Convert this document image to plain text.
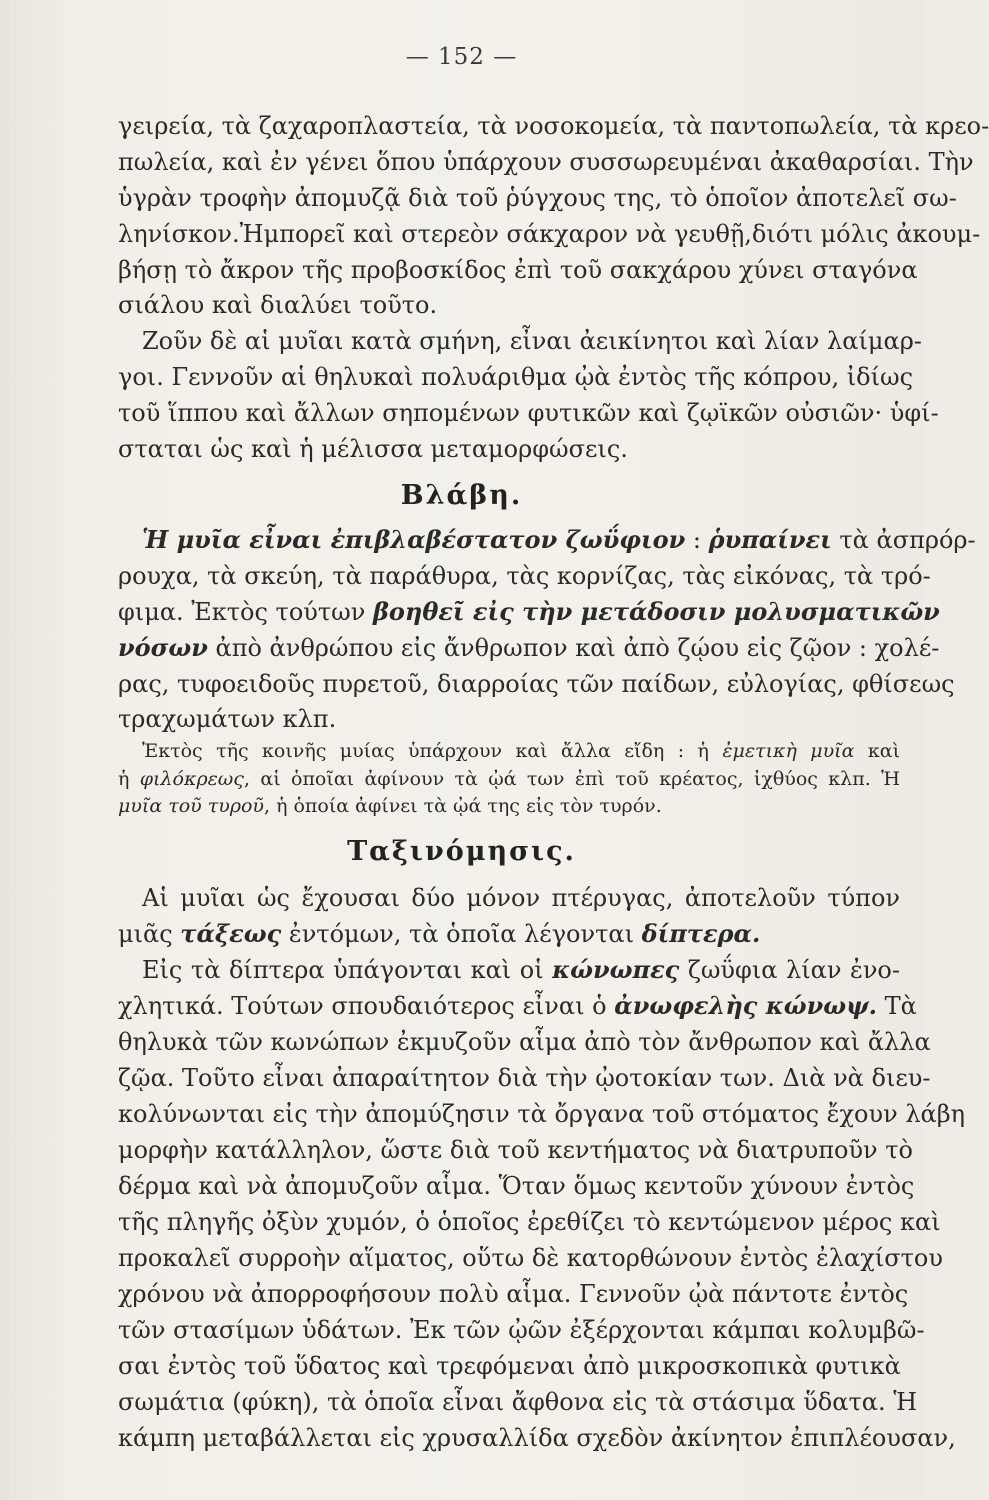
— 152 —
γειρεία, τὰ ζαχαροπλαστεία, τὰ νοσοκομεία, τὰ παντοπωλεία, τὰ κρεο-
πωλεία, καὶ ἐν γένει ὅπου ὑπάρχουν συσσωρευμέναι ἀκαθαρσίαι. Τὴν
ὑγρὰν τροφὴν ἀπομυζᾷ διὰ τοῦ ῥύγχους της, τὸ ὁποῖον ἀποτελεῖ σω-
ληνίσκον.Ἠμπορεῖ καὶ στερεὸν σάκχαρον νὰ γευθῇ,διότι μόλις ἀκουμ-
βήσῃ τὸ ἄκρον τῆς προβοσκίδος ἐπὶ τοῦ σακχάρου χύνει σταγόνα
σιάλου καὶ διαλύει τοῦτο.
Ζοῦν δὲ αἱ μυῖαι κατὰ σμήνη, εἶναι ἀεικίνητοι καὶ λίαν λαίμαρ-
γοι. Γεννοῦν αἱ θηλυκαὶ πολυάριθμα ᾠὰ ἐντὸς τῆς κόπρου, ἰδίως
τοῦ ἵππου καὶ ἄλλων σηπομένων φυτικῶν καὶ ζῳϊκῶν οὐσιῶν· ὑφί-
σταται ὡς καὶ ἡ μέλισσα μεταμορφώσεις.
Βλάβη.
Ἡ μυῖα εἶναι ἐπιβλαβέστατον ζωΰφιον : ῥυπαίνει τὰ ἀσπρόρ-
ρουχα, τὰ σκεύη, τὰ παράθυρα, τὰς κορνίζας, τὰς εἰκόνας, τὰ τρό-
φιμα. Ἐκτὸς τούτων βοηθεῖ εἰς τὴν μετάδοσιν μολυσματικῶν
νόσων ἀπὸ ἀνθρώπου εἰς ἄνθρωπον καὶ ἀπὸ ζῴου εἰς ζῷον : χολέ-
ρας, τυφοειδοῦς πυρετοῦ, διαρροίας τῶν παίδων, εὐλογίας, φθίσεως
τραχωμάτων κλπ.
Ἐκτὸς τῆς κοινῆς μυίας ὑπάρχουν καὶ ἄλλα εἴδη : ἡ ἐμετικὴ μυῖα καὶ
ἡ φιλόκρεως, αἱ ὁποῖαι ἀφίνουν τὰ ᾠά των ἐπὶ τοῦ κρέατος, ἰχθύος κλπ. Ἡ
μυῖα τοῦ τυροῦ, ἡ ὁποία ἀφίνει τὰ ᾠά της εἰς τὸν τυρόν.
Ταξινόμησις.
Αἱ μυῖαι ὡς ἔχουσαι δύο μόνον πτέρυγας, ἀποτελοῦν τύπον
μιᾶς τάξεως ἐντόμων, τὰ ὁποῖα λέγονται δίπτερα.
Εἰς τὰ δίπτερα ὑπάγονται καὶ οἱ κώνωπες ζωΰφια λίαν ἐνο-
χλητικά. Τούτων σπουδαιότερος εἶναι ὁ ἀνωφελὴς κώνωψ. Τὰ
θηλυκὰ τῶν κωνώπων ἐκμυζοῦν αἷμα ἀπὸ τὸν ἄνθρωπον καὶ ἄλλα
ζῷα. Τοῦτο εἶναι ἀπαραίτητον διὰ τὴν ᾠοτοκίαν των. Διὰ νὰ διευ-
κολύνωνται εἰς τὴν ἀπομύζησιν τὰ ὄργανα τοῦ στόματος ἔχουν λάβη
μορφὴν κατάλληλον, ὥστε διὰ τοῦ κεντήματος νὰ διατρυποῦν τὸ
δέρμα καὶ νὰ ἀπομυζοῦν αἷμα. Ὅταν ὅμως κεντοῦν χύνουν ἐντὸς
τῆς πληγῆς ὀξὺν χυμόν, ὁ ὁποῖος ἐρεθίζει τὸ κεντώμενον μέρος καὶ
προκαλεῖ συρροὴν αἵματος, οὕτω δὲ κατορθώνουν ἐντὸς ἐλαχίστου
χρόνου νὰ ἀπορροφήσουν πολὺ αἷμα. Γεννοῦν ᾠὰ πάντοτε ἐντὸς
τῶν στασίμων ὑδάτων. Ἐκ τῶν ᾠῶν ἐξέρχονται κάμπαι κολυμβῶ-
σαι ἐντὸς τοῦ ὕδατος καὶ τρεφόμεναι ἀπὸ μικροσκοπικὰ φυτικὰ
σωμάτια (φύκη), τὰ ὁποῖα εἶναι ἄφθονα εἰς τὰ στάσιμα ὕδατα. Ἡ
κάμπη μεταβάλλεται εἰς χρυσαλλίδα σχεδὸν ἀκίνητον ἐπιπλέουσαν,
